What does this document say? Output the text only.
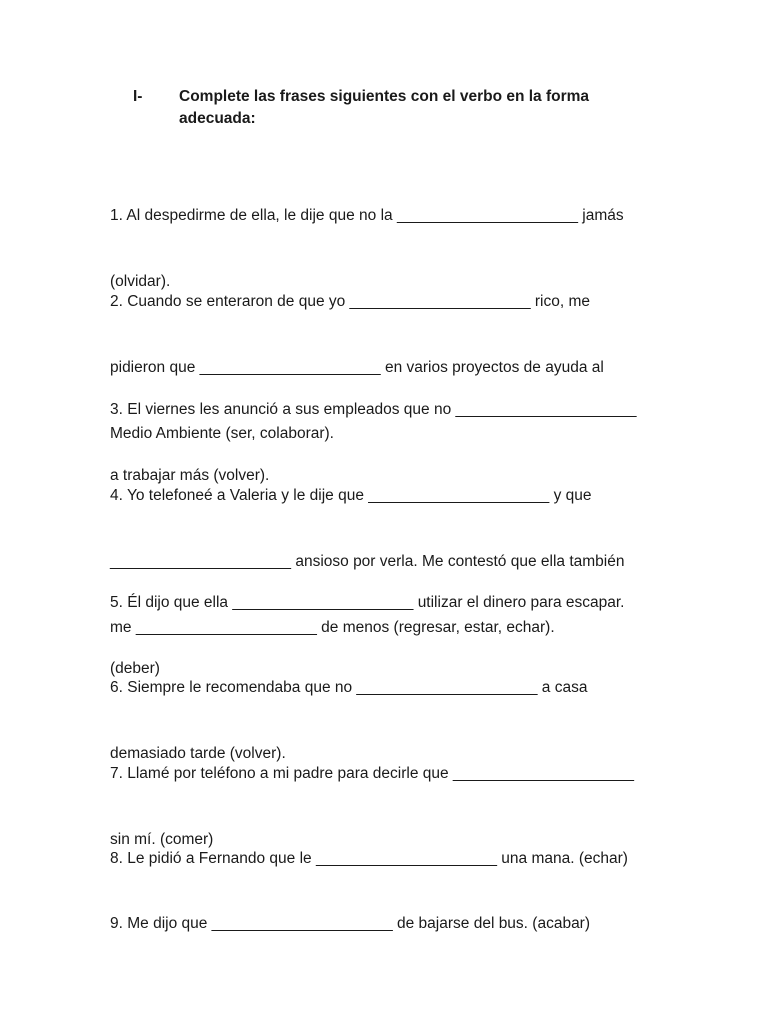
I- Complete las frases siguientes con el verbo en la forma
adecuada:

1. Al despedirme de ella, le dije que no la _____________________ jamás

(olvidar).

2. Cuando se enteraron de que yo _____________________ rico, me

pidieron que _____________________ en varios proyectos de ayuda al

Medio Ambiente (ser, colaborar).

3. El viernes les anunció a sus empleados que no _____________________

a trabajar más (volver).

4. Yo telefoneé a Valeria y le dije que _____________________ y que

_____________________ ansioso por verla. Me contestó que ella también

me _____________________ de menos (regresar, estar, echar).

5. Él dijo que ella _____________________ utilizar el dinero para escapar.

(deber)

6. Siempre le recomendaba que no _____________________ a casa

demasiado tarde (volver).

7. Llamé por teléfono a mi padre para decirle que _____________________

sin mí. (comer)

8. Le pidió a Fernando que le _____________________ una mana. (echar)

9. Me dijo que _____________________ de bajarse del bus. (acabar)
